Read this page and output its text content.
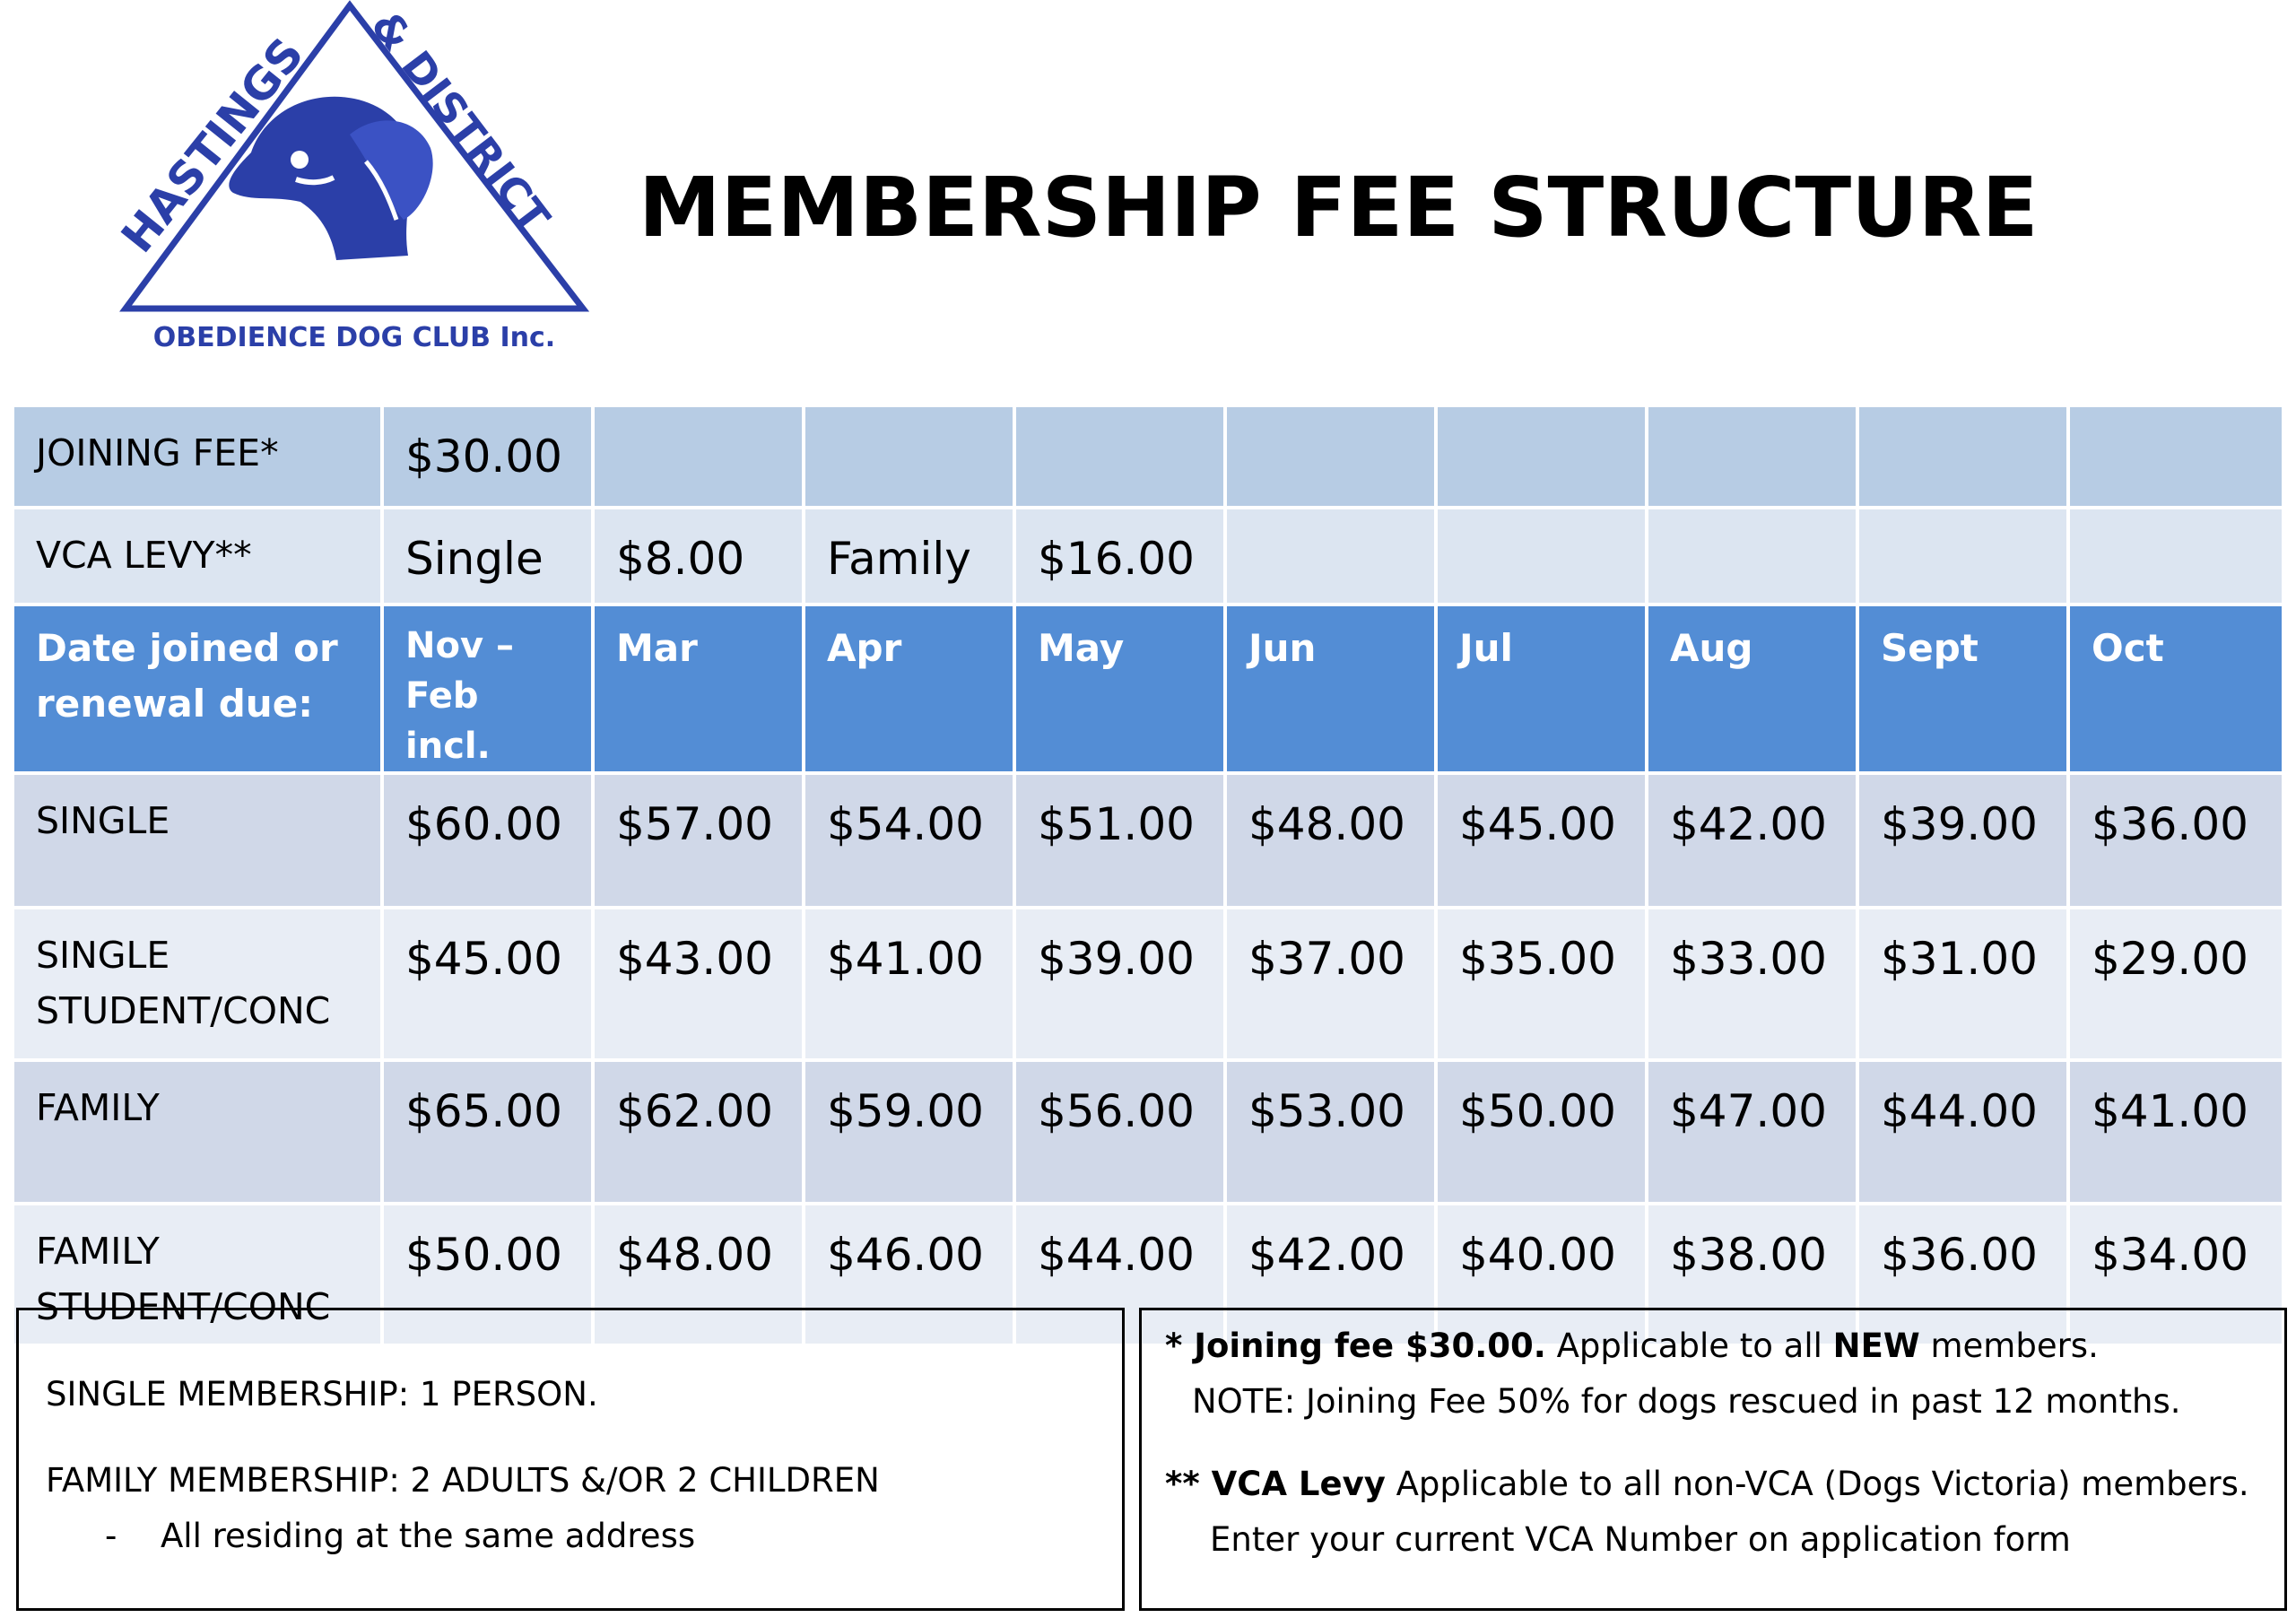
HASTINGS & DISTRICT
OBEDIENCE DOG CLUB Inc.
MEMBERSHIP FEE STRUCTURE
JOINING FEE*	$30.00								
VCA LEVY**	Single	$8.00	Family	$16.00					
Date joined or renewal due:	Nov – Feb incl.	Mar	Apr	May	Jun	Jul	Aug	Sept	Oct
SINGLE	$60.00	$57.00	$54.00	$51.00	$48.00	$45.00	$42.00	$39.00	$36.00
SINGLE STUDENT/CONC	$45.00	$43.00	$41.00	$39.00	$37.00	$35.00	$33.00	$31.00	$29.00
FAMILY	$65.00	$62.00	$59.00	$56.00	$53.00	$50.00	$47.00	$44.00	$41.00
FAMILY STUDENT/CONC	$50.00	$48.00	$46.00	$44.00	$42.00	$40.00	$38.00	$36.00	$34.00
SINGLE MEMBERSHIP: 1 PERSON.
FAMILY MEMBERSHIP: 2 ADULTS &/OR 2 CHILDREN
- All residing at the same address
* Joining fee $30.00. Applicable to all NEW members.
NOTE: Joining Fee 50% for dogs rescued in past 12 months.
** VCA Levy Applicable to all non-VCA (Dogs Victoria) members.
Enter your current VCA Number on application form
